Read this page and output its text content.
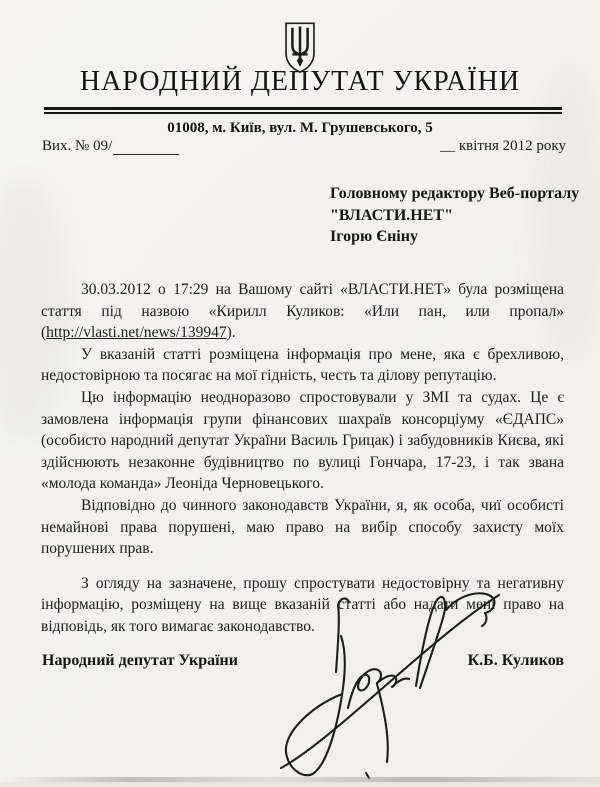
НАРОДНИЙ ДЕПУТАТ УКРАЇНИ
01008, м. Київ, вул. М. Грушевського, 5
Вих. № 09/	__ квітня 2012 року
Головному редактору Веб-порталу
"ВЛАСТИ.НЕТ"
Ігорю Єніну

30.03.2012 о 17:29 на Вашому сайті «ВЛАСТИ.НЕТ» була розміщена стаття під назвою «Кирилл Куликов: «Или пан, или пропал» (http://vlasti.net/news/139947).

У вказаній статті розміщена інформація про мене, яка є брехливою, недостовірною та посягає на мої гідність, честь та ділову репутацію.

Цю інформацію неодноразово спростовували у ЗМІ та судах. Це є замовлена інформація групи фінансових шахраїв консорціуму «ЄДАПС» (особисто народний депутат України Василь Грицак) і забудовників Києва, які здійснюють незаконне будівництво по вулиці Гончара, 17-23, і так звана «молода команда» Леоніда Черновецького.

Відповідно до чинного законодавств України, я, як особа, чиї особисті немайнові права порушені, маю право на вибір способу захисту моїх порушених прав.

З огляду на зазначене, прошу спростувати недостовірну та негативну інформацію, розміщену на вище вказаній статті або надати мені право на відповідь, як того вимагає законодавство.

Народний депутат України	К.Б. Куликов
